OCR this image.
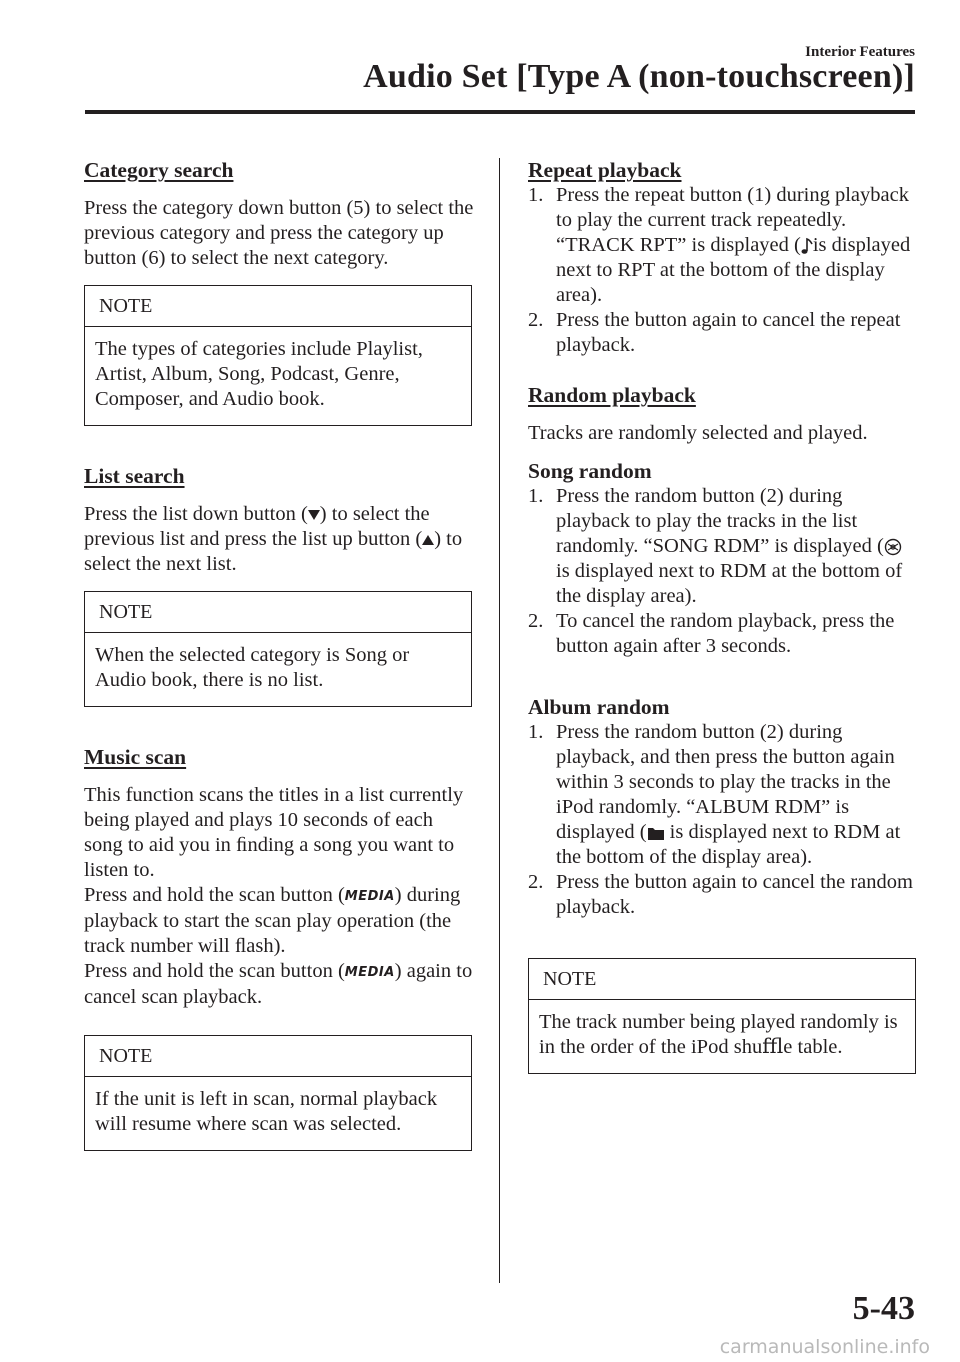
Interior Features
Audio Set [Type A (non-touchscreen)]

Category search

Press the category down button (5) to select the previous category and press the category up button (6) to select the next category.

NOTE
The types of categories include Playlist, Artist, Album, Song, Podcast, Genre, Composer, and Audio book.

List search

Press the list down button ( ) to select the previous list and press the list up button ( ) to select the next list.

NOTE
When the selected category is Song or Audio book, there is no list.

Music scan

This function scans the titles in a list currently being played and plays 10 seconds of each song to aid you in ﬁnding a song you want to listen to.

Press and hold the scan button (MEDIA) during playback to start the scan play operation (the track number will ﬂash).

Press and hold the scan button (MEDIA) again to cancel scan playback.

NOTE
If the unit is left in scan, normal playback will resume where scan was selected.

Repeat playback

1. Press the repeat button (1) during playback to play the current track repeatedly. “TRACK RPT” is displayed ( is displayed next to RPT at the bottom of the display area).
2. Press the button again to cancel the repeat playback.

Random playback

Tracks are randomly selected and played.

Song random

1. Press the random button (2) during playback to play the tracks in the list randomly. “SONG RDM” is displayed ( is displayed next to RDM at the bottom of the display area).
2. To cancel the random playback, press the button again after 3 seconds.

Album random

1. Press the random button (2) during playback, and then press the button again within 3 seconds to play the tracks in the iPod randomly. “ALBUM RDM” is displayed ( is displayed next to RDM at the bottom of the display area).
2. Press the button again to cancel the random playback.
NOTE
The track number being played randomly is in the order of the iPod shuﬄe table.
5-43
carmanualsonline.info
